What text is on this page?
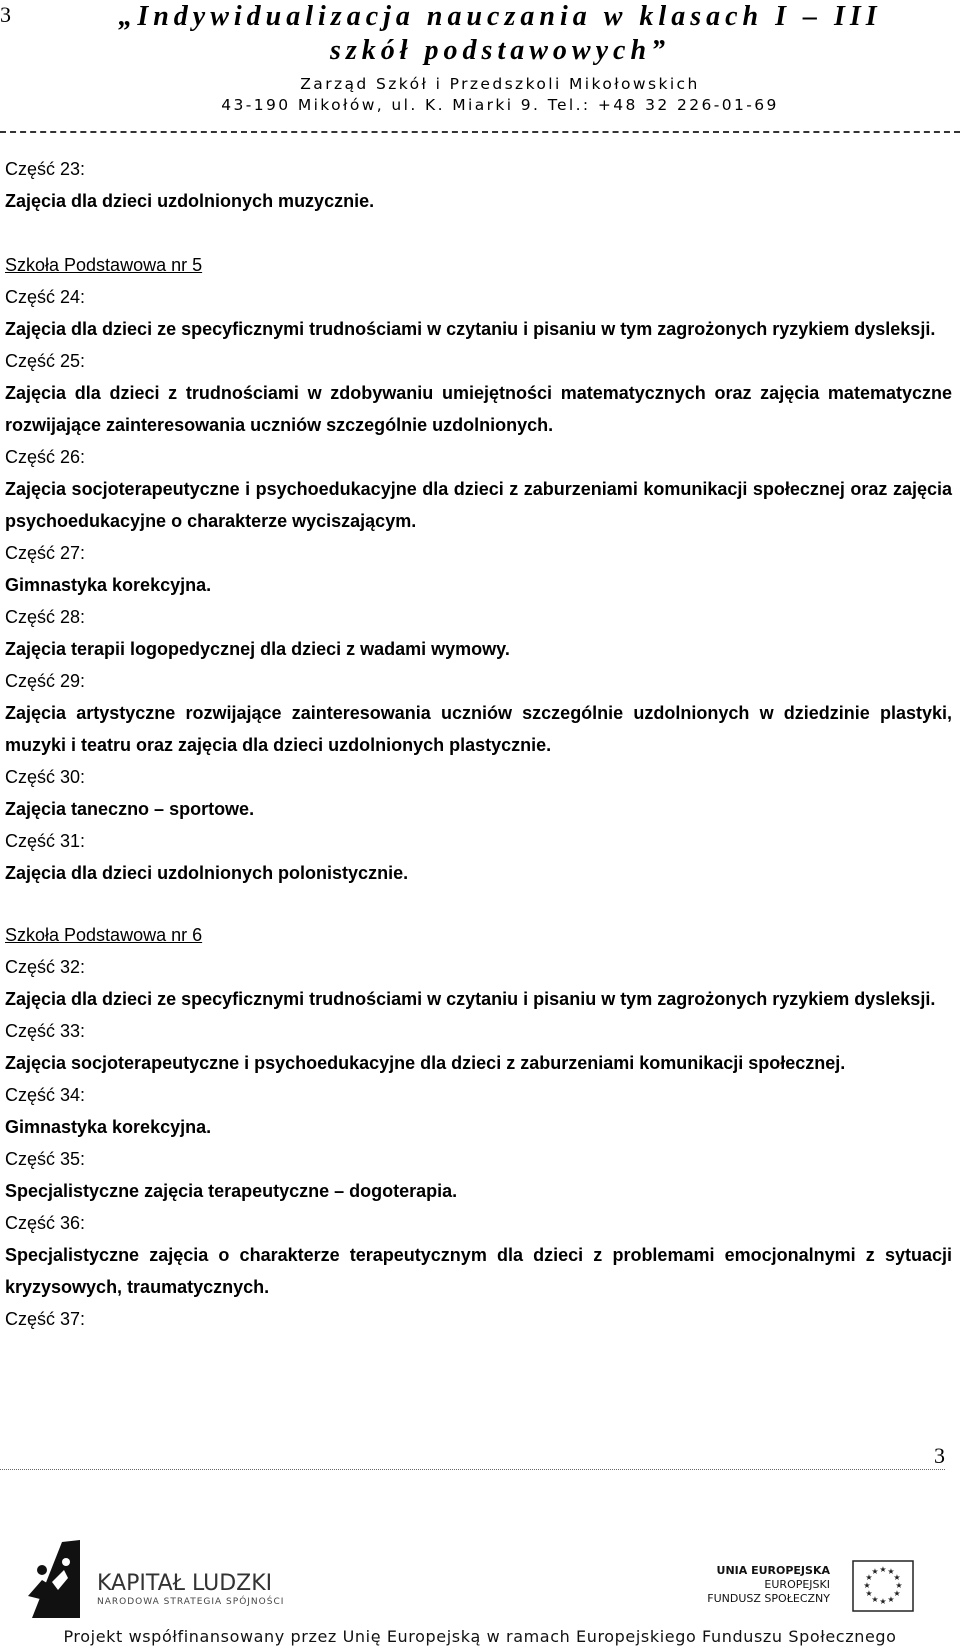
3	„Indywidualizacja nauczania w klasach I – III
szkół podstawowych”
Zarząd Szkół i Przedszkoli Mikołowskich
43-190 Mikołów, ul. K. Miarki 9. Tel.: +48 32 226-01-69
Część 23:
Zajęcia dla dzieci uzdolnionych muzycznie.
Szkoła Podstawowa nr 5
Część 24:
Zajęcia dla dzieci ze specyficznymi trudnościami w czytaniu i pisaniu w tym zagrożonych ryzykiem dysleksji.
Część 25:
Zajęcia dla dzieci z trudnościami w zdobywaniu umiejętności matematycznych oraz zajęcia matematyczne rozwijające zainteresowania uczniów szczególnie uzdolnionych.
Część 26:
Zajęcia socjoterapeutyczne i psychoedukacyjne dla dzieci z zaburzeniami komunikacji społecznej oraz zajęcia psychoedukacyjne o charakterze wyciszającym.
Część 27:
Gimnastyka korekcyjna.
Część 28:
Zajęcia terapii logopedycznej dla dzieci z wadami wymowy.
Część 29:
Zajęcia artystyczne rozwijające zainteresowania uczniów szczególnie uzdolnionych w dziedzinie plastyki, muzyki i teatru oraz zajęcia dla dzieci uzdolnionych plastycznie.
Część 30:
Zajęcia taneczno – sportowe.
Część 31:
Zajęcia dla dzieci uzdolnionych polonistycznie.
Szkoła Podstawowa nr 6
Część 32:
Zajęcia dla dzieci ze specyficznymi trudnościami w czytaniu i pisaniu w tym zagrożonych ryzykiem dysleksji.
Część 33:
Zajęcia socjoterapeutyczne i psychoedukacyjne dla dzieci z zaburzeniami komunikacji społecznej.
Część 34:
Gimnastyka korekcyjna.
Część 35:
Specjalistyczne zajęcia terapeutyczne – dogoterapia.
Część 36:
Specjalistyczne zajęcia o charakterze terapeutycznym dla dzieci z problemami emocjonalnymi z sytuacji kryzysowych, traumatycznych.
Część 37:
3
KAPITAŁ LUDZKI
NARODOWA STRATEGIA SPÓJNOŚCI
UNIA EUROPEJSKA
EUROPEJSKI
FUNDUSZ SPOŁECZNY
★ ★
★
★
★
★
★
★
★
★
★
★
Projekt współfinansowany przez Unię Europejską w ramach Europejskiego Funduszu Społecznego
